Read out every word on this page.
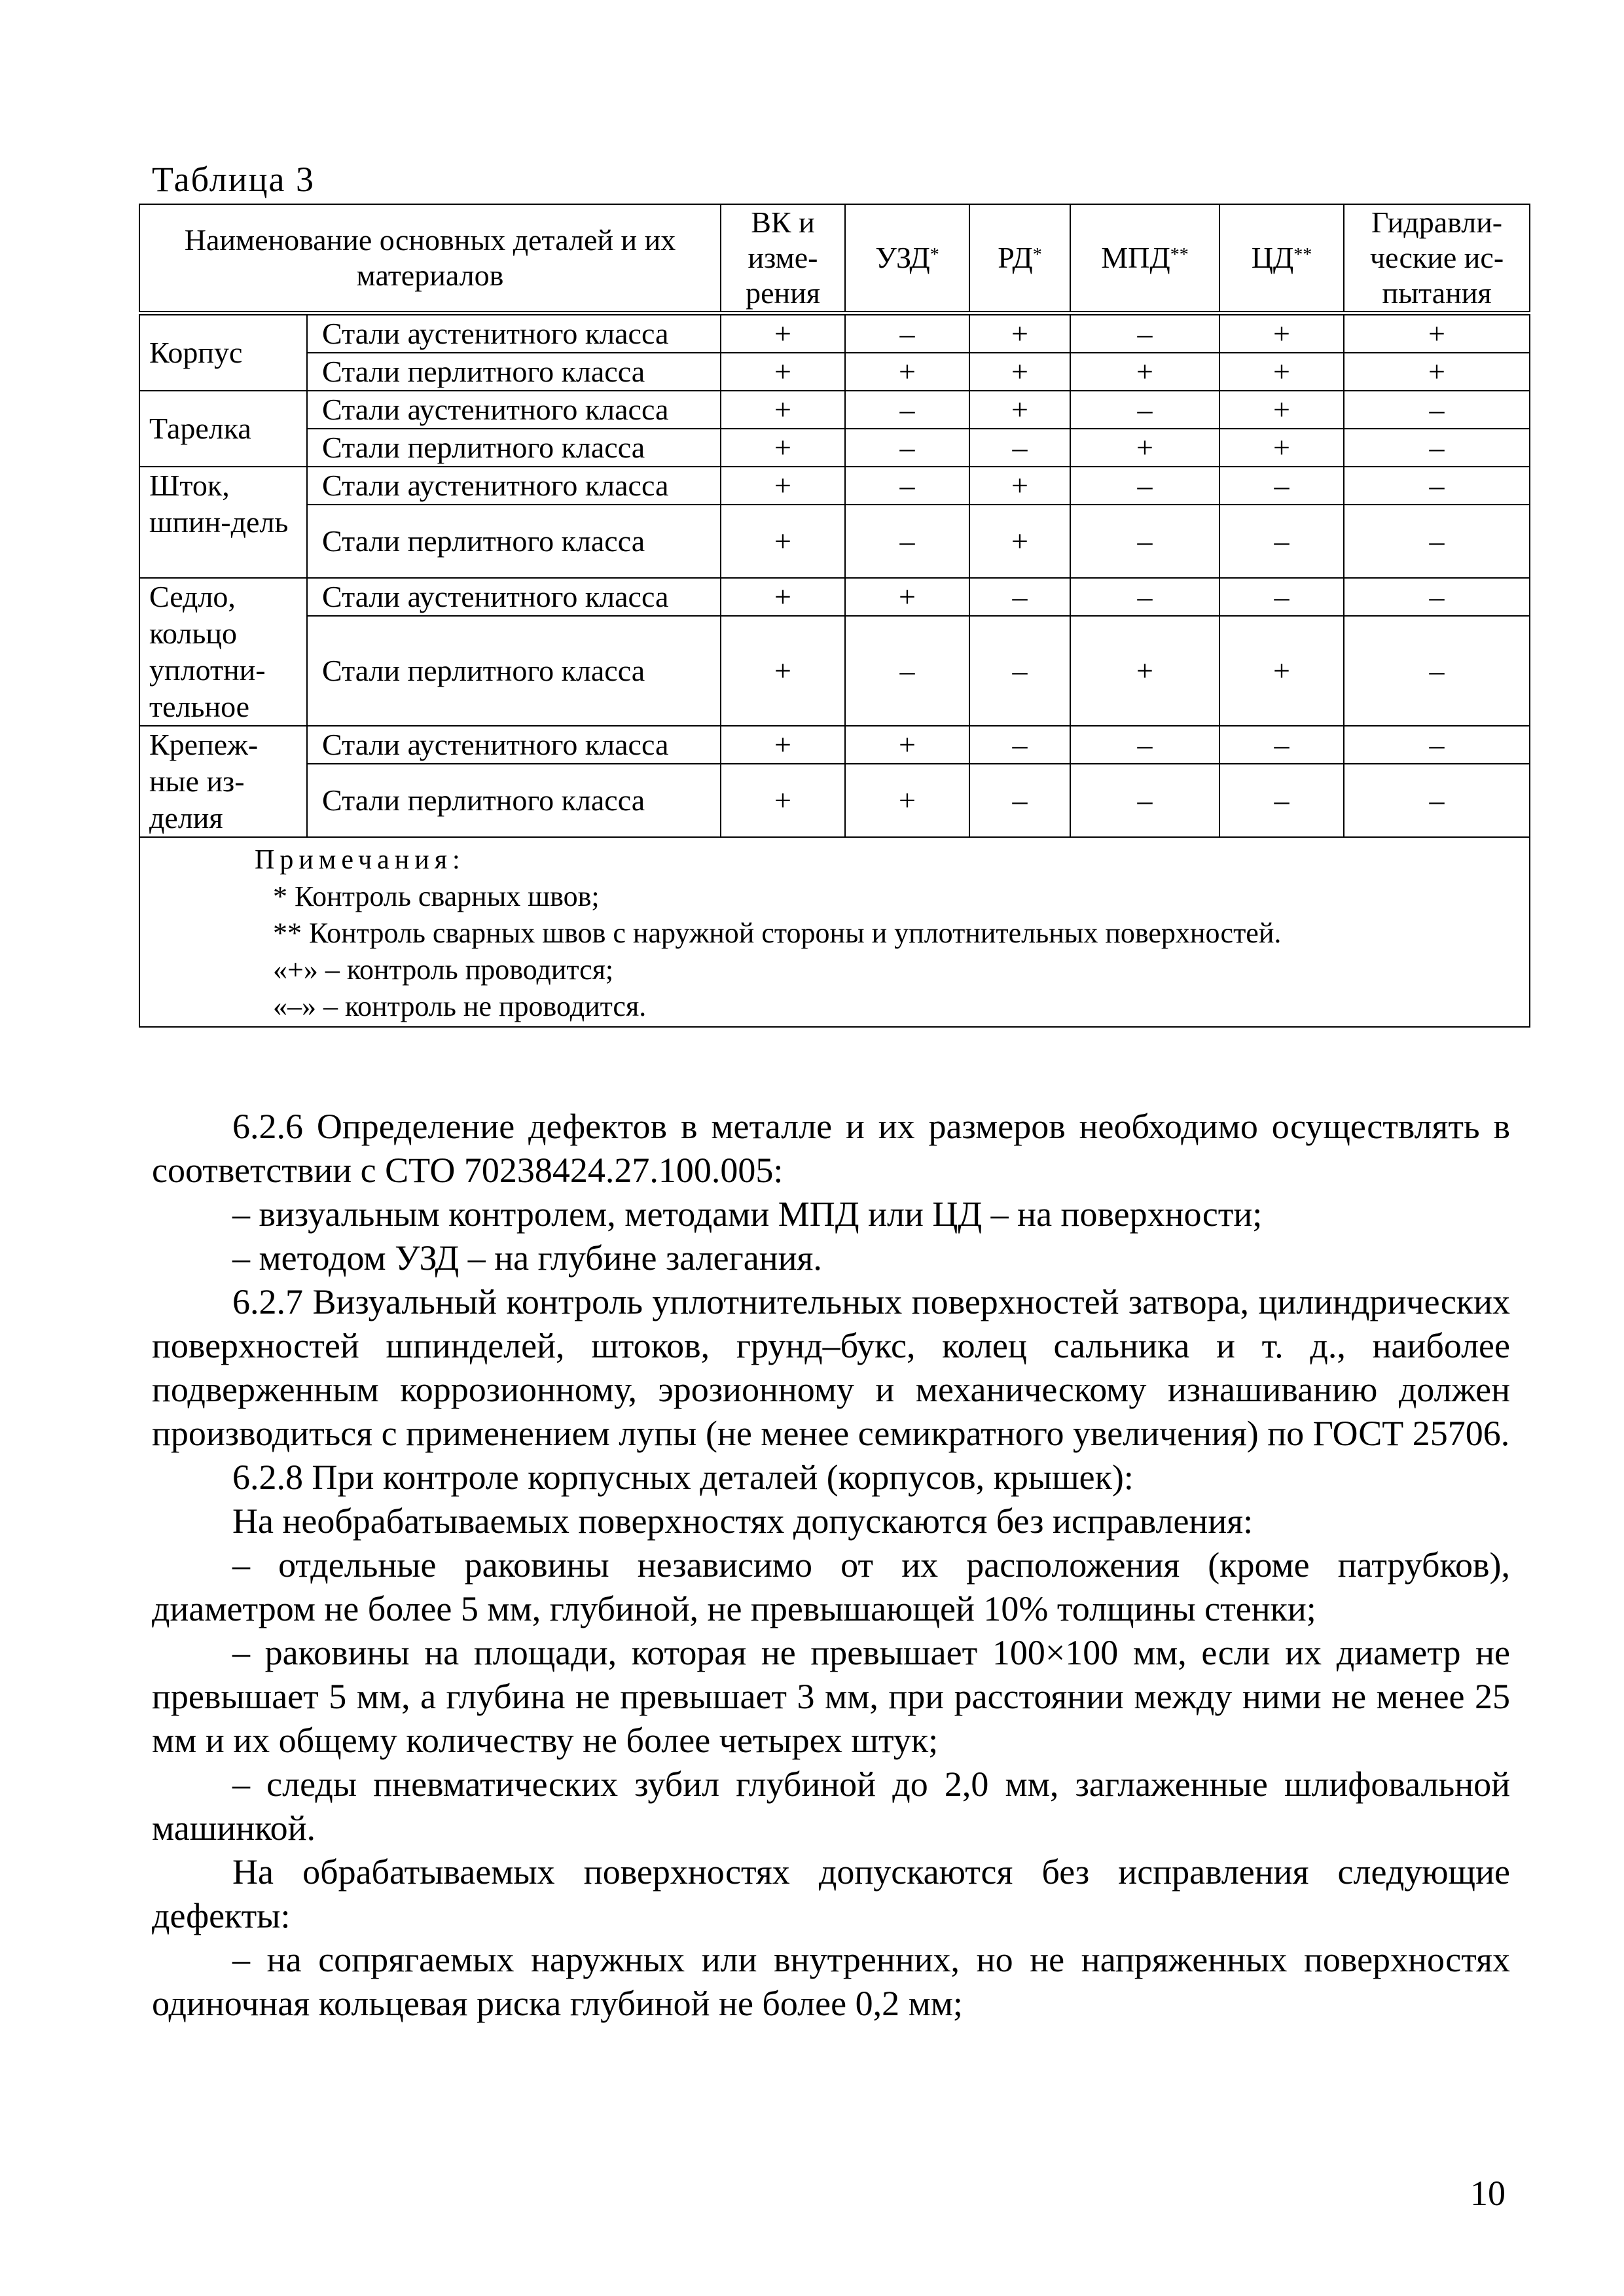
Таблица 3
Наименование основных деталей и их материалов		ВК и изме-рения	УЗД*	РД*	МПД**	ЦД**	Гидравли-ческие ис-пытания
Корпус	Стали аустенитного класса	+	–	+	–	+	+
	Стали перлитного класса	+	+	+	+	+	+
Тарелка	Стали аустенитного класса	+	–	+	–	+	–
	Стали перлитного класса	+	–	–	+	+	–
Шток, шпин-дель	Стали аустенитного класса	+	–	+	–	–	–
	Стали перлитного класса	+	–	+	–	–	–
Седло, кольцо уплотни-тельное	Стали аустенитного класса	+	+	–	–	–	–
	Стали перлитного класса	+	–	–	+	+	–
Крепеж-ные из-делия	Стали аустенитного класса	+	+	–	–	–	–
	Стали перлитного класса	+	+	–	–	–	–

Примечания:
* Контроль сварных швов;
** Контроль сварных швов с наружной стороны и уплотнительных поверхностей.
«+» – контроль проводится;
«–» – контроль не проводится.							

6.2.6 Определение дефектов в металле и их размеров необходимо осуществлять в соответствии с СТО 70238424.27.100.005:

– визуальным контролем, методами МПД или ЦД – на поверхности;

– методом УЗД – на глубине залегания.

6.2.7 Визуальный контроль уплотнительных поверхностей затвора, цилиндрических поверхностей шпинделей, штоков, грунд–букс, колец сальника и т. д., наиболее подверженным коррозионному, эрозионному и механическому изнашиванию должен производиться с применением лупы (не менее семикратного увеличения) по ГОСТ 25706.

6.2.8 При контроле корпусных деталей (корпусов, крышек):

На необрабатываемых поверхностях допускаются без исправления:

– отдельные раковины независимо от их расположения (кроме патрубков), диаметром не более 5 мм, глубиной, не превышающей 10% толщины стенки;

– раковины на площади, которая не превышает 100×100 мм, если их диаметр не превышает 5 мм, а глубина не превышает 3 мм, при расстоянии между ними не менее 25 мм и их общему количеству не более четырех штук;

– следы пневматических зубил глубиной до 2,0 мм, заглаженные шлифовальной машинкой.

На обрабатываемых поверхностях допускаются без исправления следующие дефекты:

– на сопрягаемых наружных или внутренних, но не напряженных поверхностях одиночная кольцевая риска глубиной не более 0,2 мм;

10
